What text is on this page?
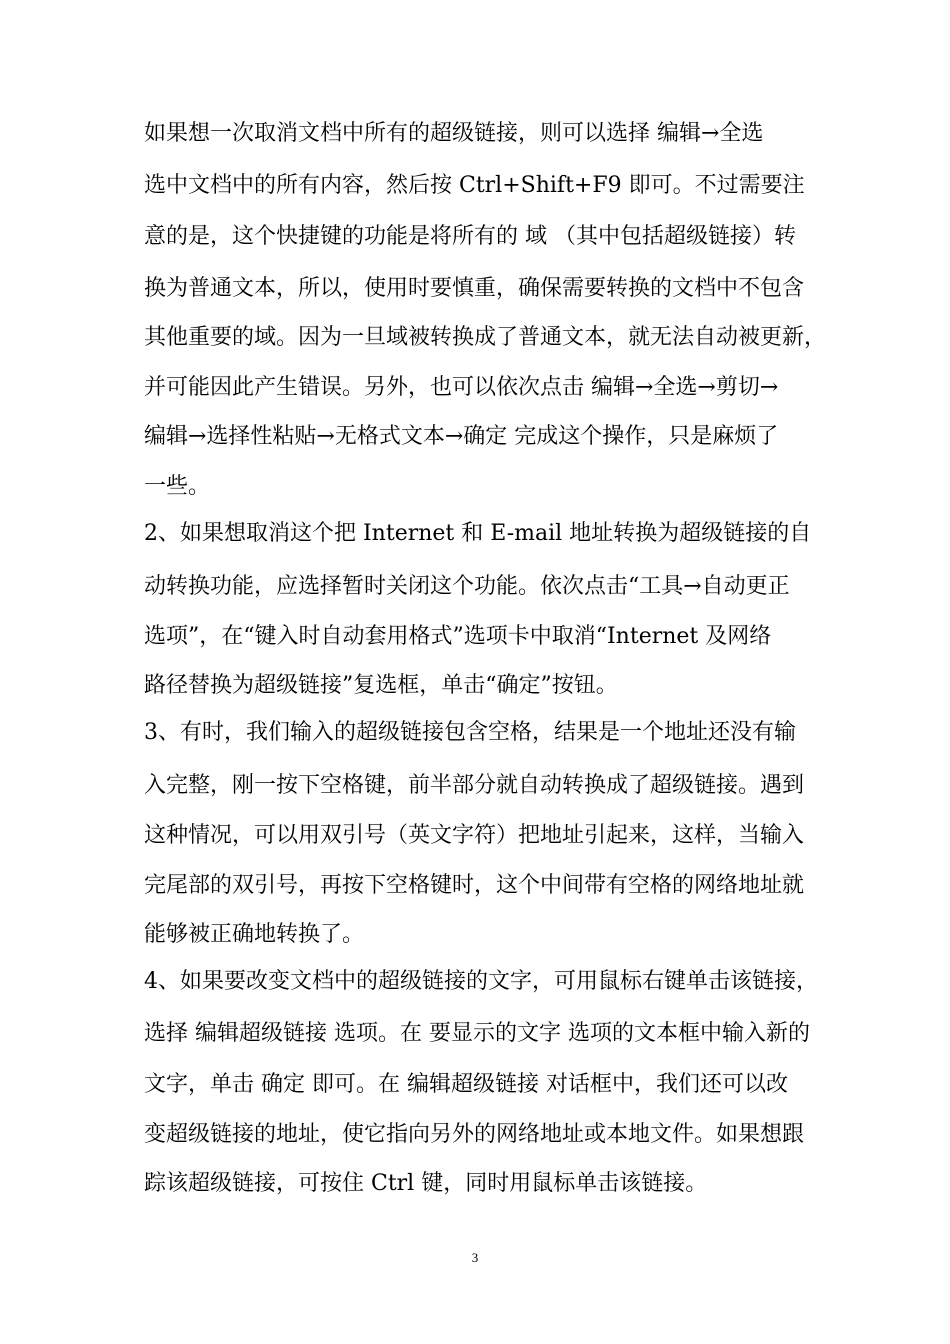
如果想一次取消文档中所有的超级链接，则可以选择 编辑→全选
选中文档中的所有内容，然后按 Ctrl+Shift+F9 即可。不过需要注
意的是，这个快捷键的功能是将所有的 域 （其中包括超级链接）转
换为普通文本，所以，使用时要慎重，确保需要转换的文档中不包含
其他重要的域。因为一旦域被转换成了普通文本，就无法自动被更新，
并可能因此产生错误。另外，也可以依次点击 编辑→全选→剪切→
编辑→选择性粘贴→无格式文本→确定 完成这个操作，只是麻烦了
一些。
2、如果想取消这个把 Internet 和 E-mail 地址转换为超级链接的自
动转换功能，应选择暂时关闭这个功能。依次点击“工具→自动更正
选项”，在“键入时自动套用格式”选项卡中取消“Internet 及网络
路径替换为超级链接”复选框，单击“确定”按钮。
3、有时，我们输入的超级链接包含空格，结果是一个地址还没有输
入完整，刚一按下空格键，前半部分就自动转换成了超级链接。遇到
这种情况，可以用双引号（英文字符）把地址引起来，这样，当输入
完尾部的双引号，再按下空格键时，这个中间带有空格的网络地址就
能够被正确地转换了。
4、如果要改变文档中的超级链接的文字，可用鼠标右键单击该链接，
选择 编辑超级链接 选项。在 要显示的文字 选项的文本框中输入新的
文字，单击 确定 即可。在 编辑超级链接 对话框中，我们还可以改
变超级链接的地址，使它指向另外的网络地址或本地文件。如果想跟
踪该超级链接，可按住 Ctrl 键，同时用鼠标单击该链接。
3
